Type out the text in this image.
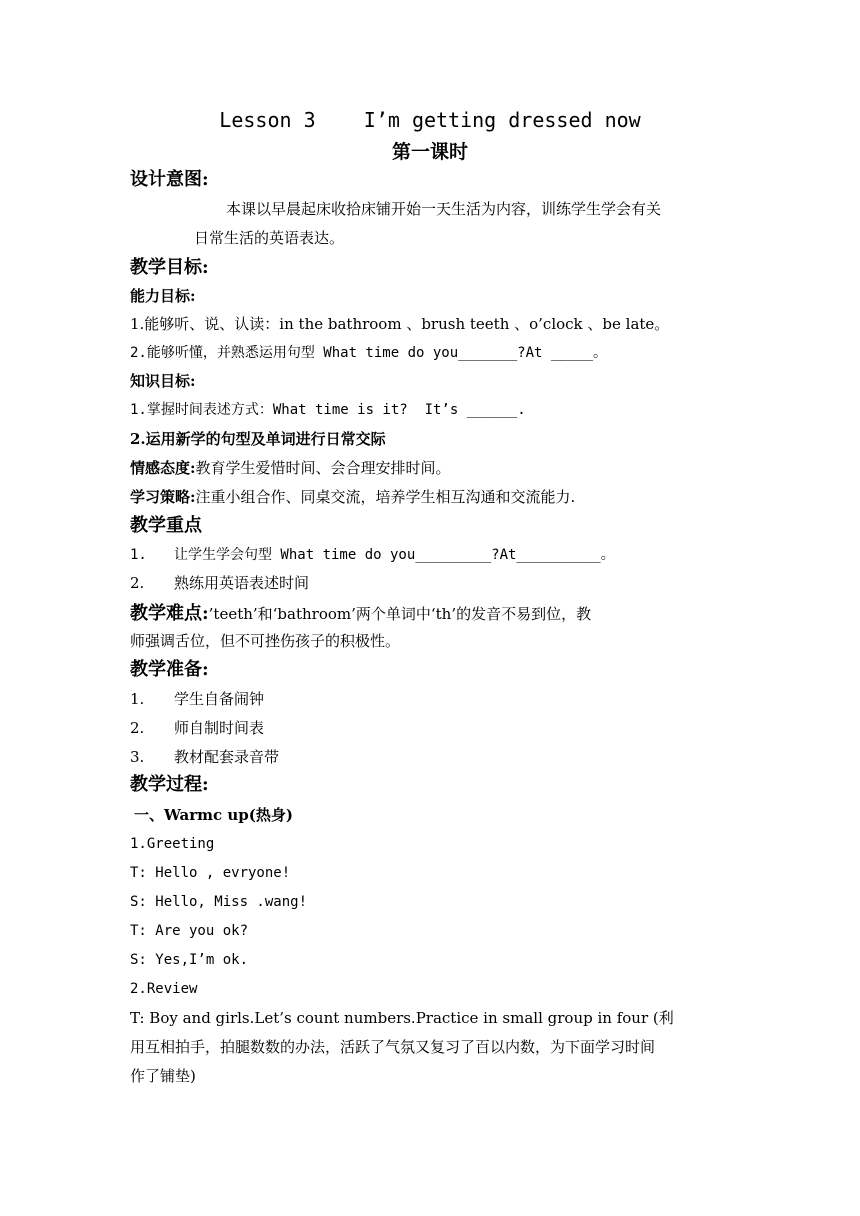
Lesson 3    I’m getting dressed now
第一课时
设计意图:
本课以早晨起床收拾床铺开始一天生活为内容，训练学生学会有关
日常生活的英语表达。
教学目标:
能力目标:
1.能够听、说、认读：in the bathroom 、brush teeth 、o’clock 、be late。
2.能够听懂，并熟悉运用句型 What time do you_______?At _____。
知识目标:
1.掌握时间表述方式：What time is it?  It’s ______.
2.运用新学的句型及单词进行日常交际
情感态度:教育学生爱惜时间、会合理安排时间。
学习策略:注重小组合作、同桌交流，培养学生相互沟通和交流能力.
教学重点
1. 让学生学会句型 What time do you_________?At__________。
2. 熟练用英语表述时间
教学难点:’teeth’和‘bathroom’两个单词中‘th’的发音不易到位，教
师强调舌位，但不可挫伤孩子的积极性。
教学准备:
1. 学生自备闹钟
2. 师自制时间表
3. 教材配套录音带
教学过程:
一、Warmc up(热身)
1.Greeting
T: Hello , evryone!
S: Hello, Miss .wang!
T: Are you ok?
S: Yes,I’m ok.
2.Review
T: Boy and girls.Let’s count numbers.Practice in small group in four (利
用互相拍手，拍腿数数的办法，活跃了气氛又复习了百以内数，为下面学习时间
作了铺垫)
